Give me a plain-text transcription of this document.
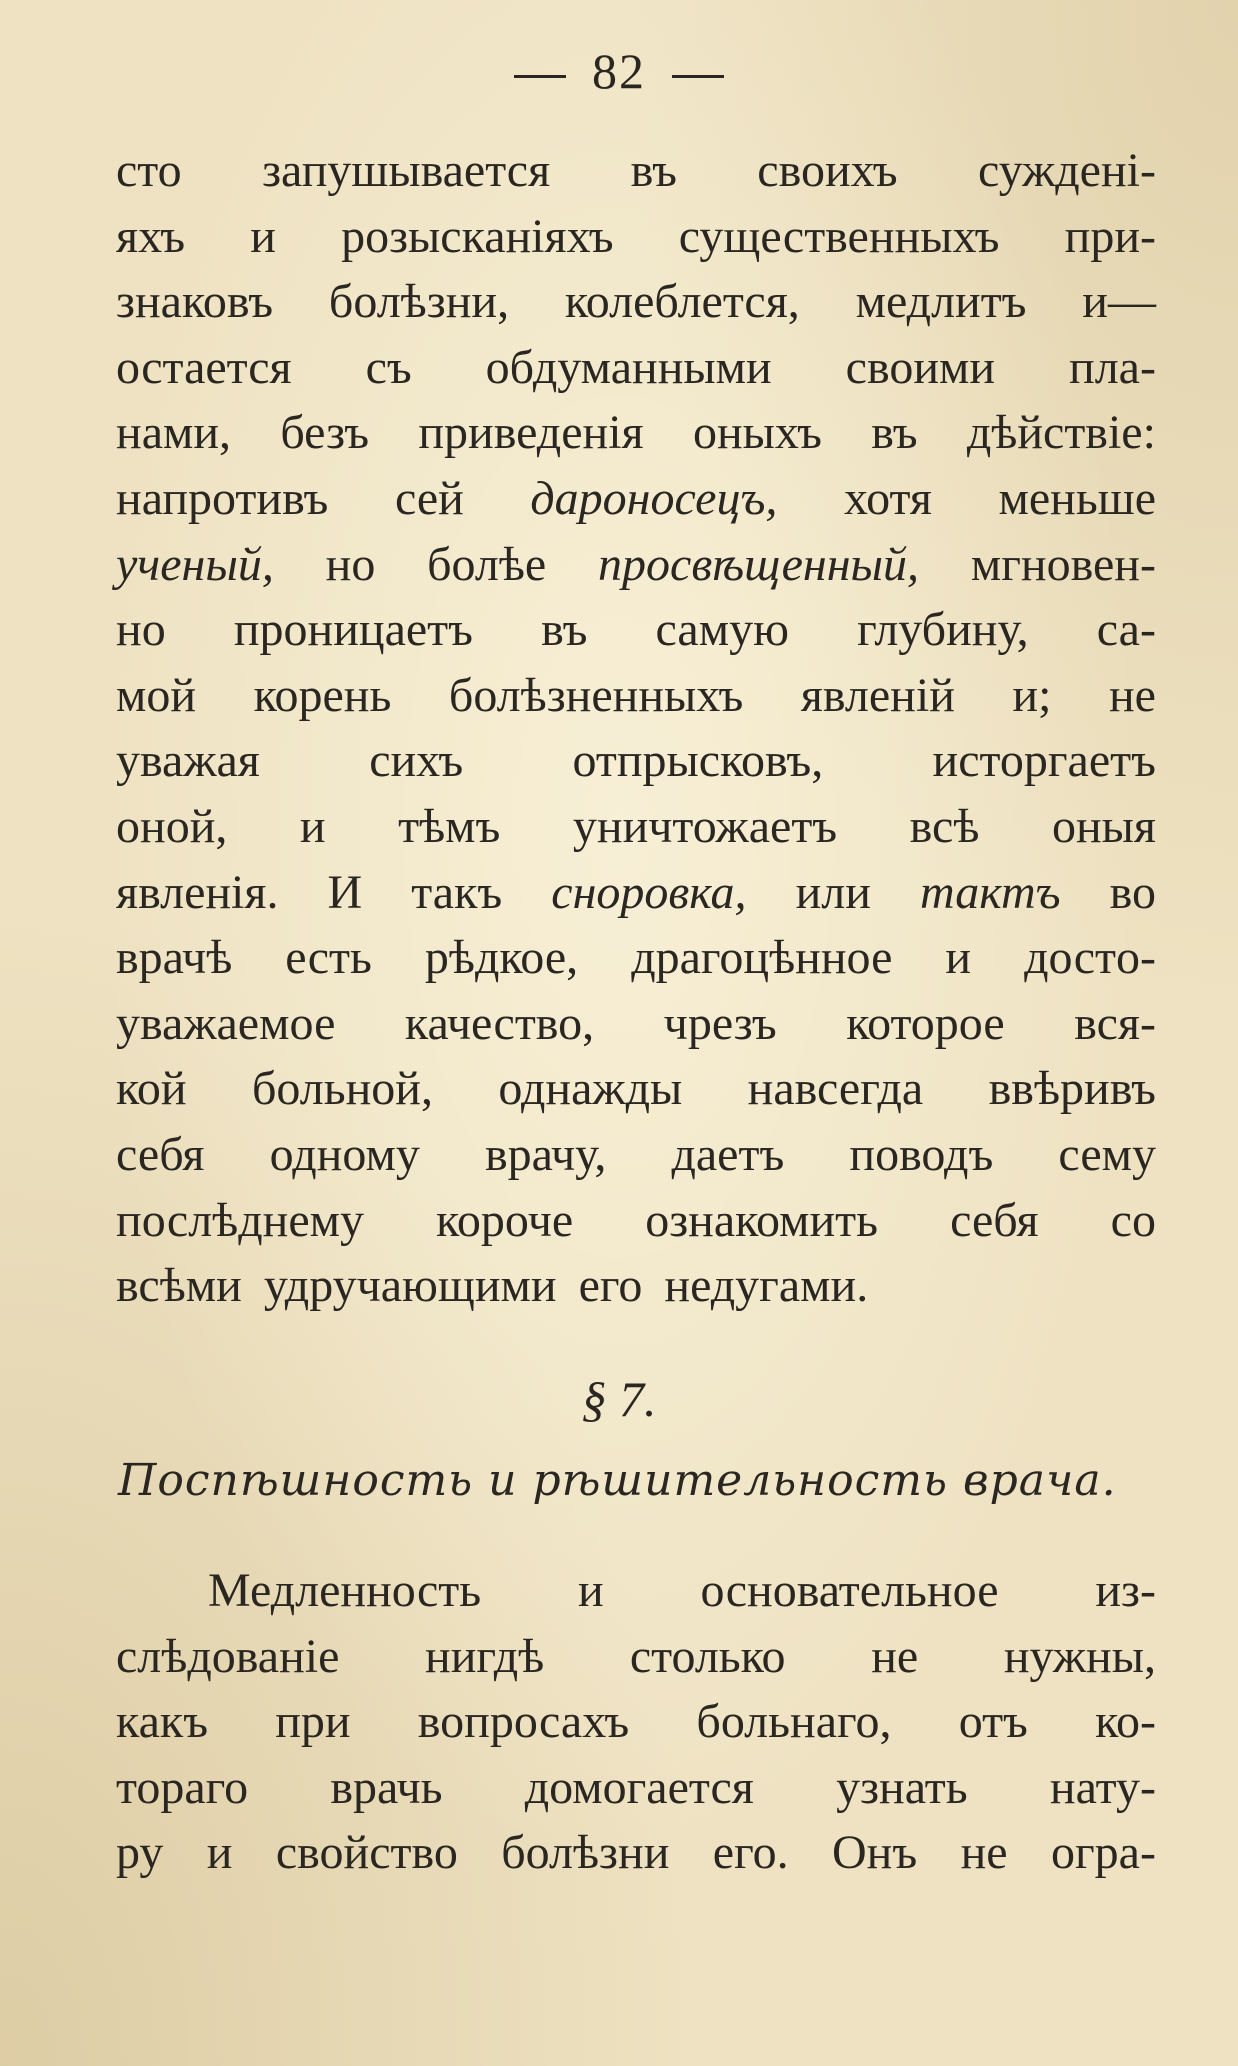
82
сто запушывается въ своихъ сужденi-
яхъ и розысканiяхъ существенныхъ при-
знаковъ болѣзни, колеблется, медлитъ и—
остается съ обдуманными своими пла-
нами, безъ приведенiя оныхъ въ дѣйствiе:
напротивъ сей дароносецъ, хотя меньше
ученый, но болѣе просвѣщенный, мгновен-
но проницаетъ въ самую глубину, са-
мой корень болѣзненныхъ явленiй и; не
уважая сихъ отпрысковъ, исторгаетъ
оной, и тѣмъ уничтожаетъ всѣ оныя
явленiя. И такъ сноровка, или тактъ во
врачѣ есть рѣдкое, драгоцѣнное и достo-
уважаемое качество, чрезъ которое вся-
кой больной, однажды навсегда ввѣривъ
себя одному врачу, даетъ поводъ сему
послѣднему короче ознакомить себя со
всѣми удручающими его недугами.
§ 7.
Поспѣшность и рѣшительность врача.
Медленность и основательное из-
слѣдованiе нигдѣ столько не нужны,
какъ при вопросахъ больнаго, отъ ко-
тораго врачь домогается узнать нату-
ру и свойство болѣзни его. Онъ не огра-
